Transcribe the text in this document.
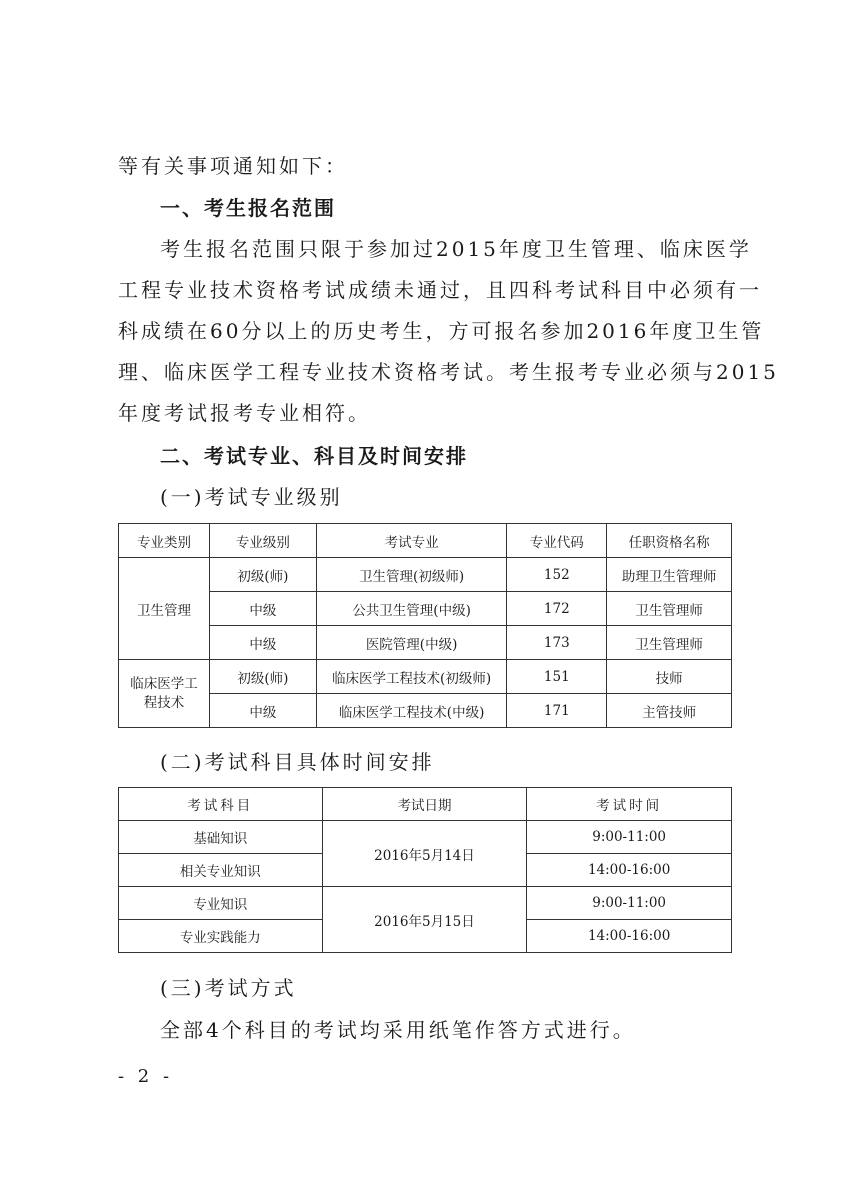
等有关事项通知如下：
一、考生报名范围
考生报名范围只限于参加过2015年度卫生管理、临床医学
工程专业技术资格考试成绩未通过，且四科考试科目中必须有一
科成绩在60分以上的历史考生，方可报名参加2016年度卫生管
理、临床医学工程专业技术资格考试。考生报考专业必须与2015
年度考试报考专业相符。
二、考试专业、科目及时间安排
(一)考试专业级别
专业类别	专业级别	考试专业	专业代码	任职资格名称
卫生管理	初级(师)	卫生管理(初级师)	152	助理卫生管理师
	中级	公共卫生管理(中级)	172	卫生管理师
	中级	医院管理(中级)	173	卫生管理师

临床医学工程技术	初级(师)	临床医学工程技术(初级师)	151	技师
	中级	临床医学工程技术(中级)	171	主管技师
(二)考试科目具体时间安排
考试科目	考试日期	考试时间
基础知识	2016年5月14日	9:00-11:00
相关专业知识		14:00-16:00
专业知识	2016年5月15日	9:00-11:00
专业实践能力		14:00-16:00
(三)考试方式
全部4个科目的考试均采用纸笔作答方式进行。
- 2 -
